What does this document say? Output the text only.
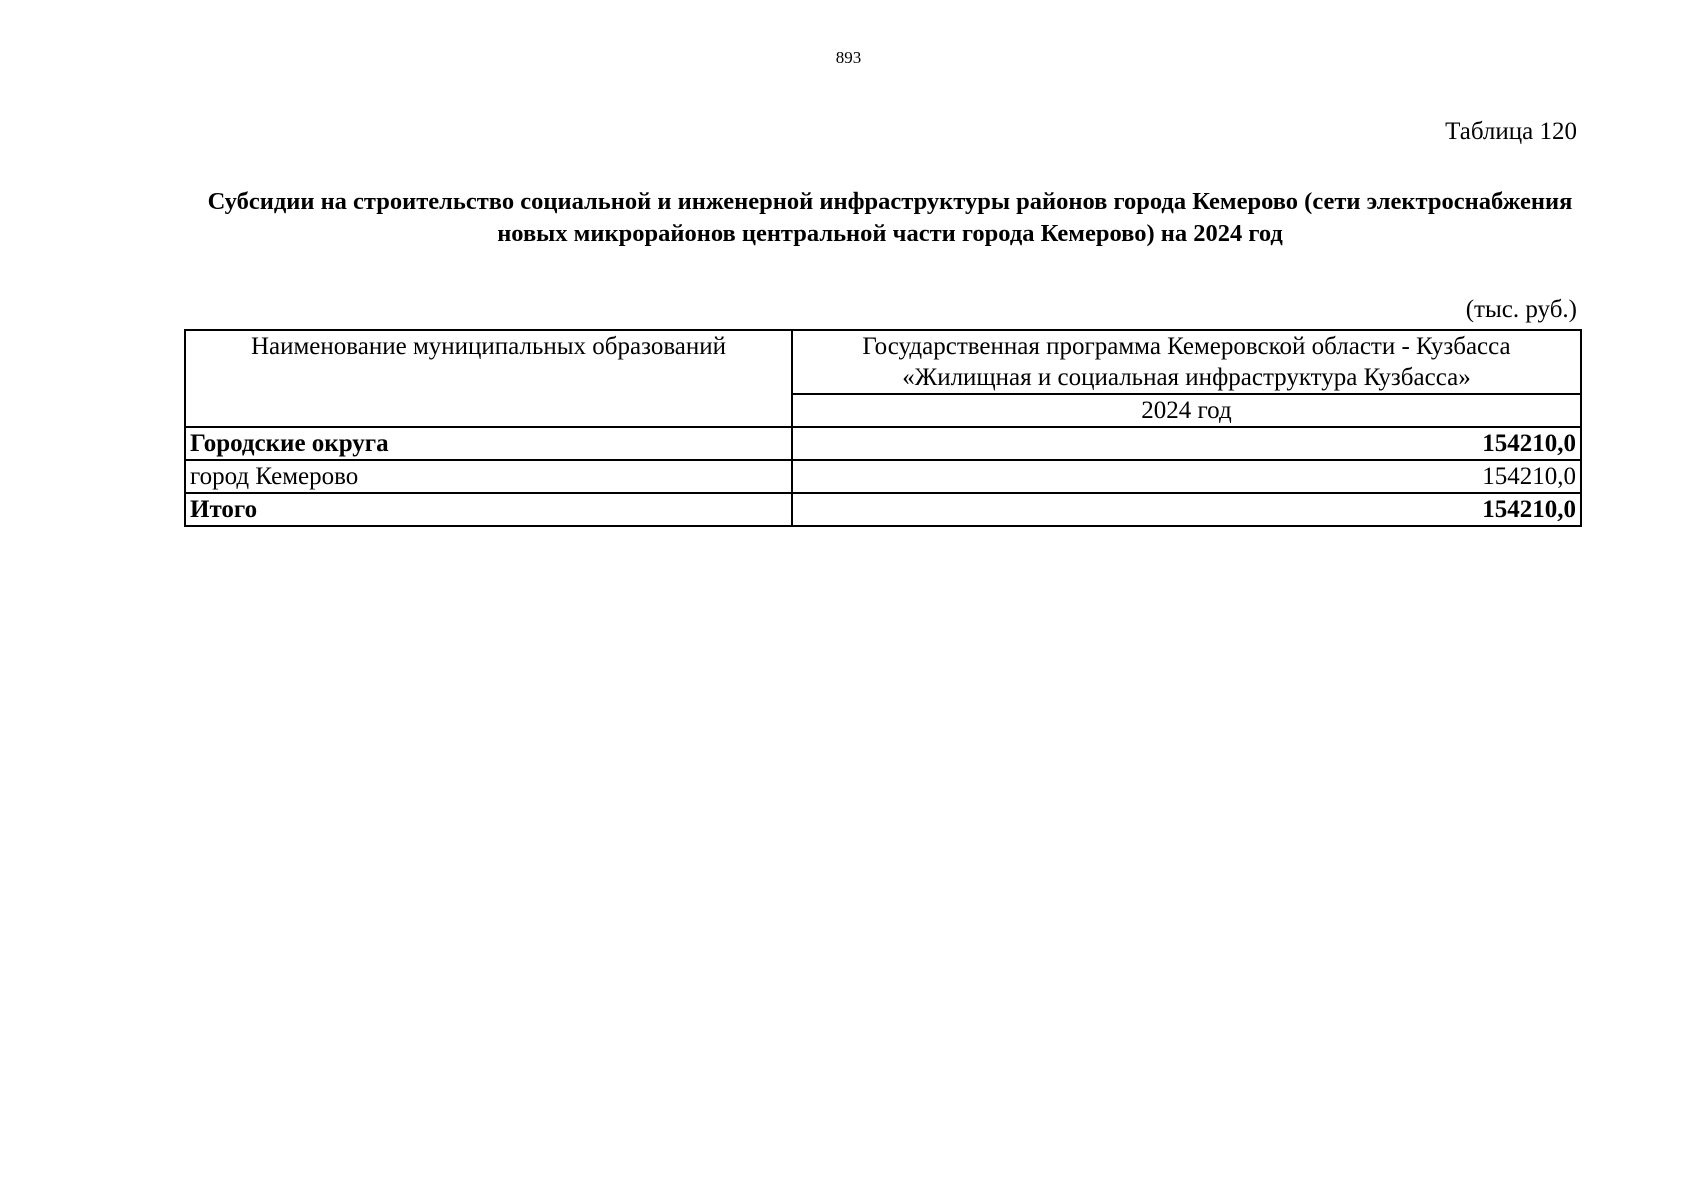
893
Таблица 120
Субсидии на строительство социальной и инженерной инфраструктуры районов города Кемерово (сети электроснабжения новых микрорайонов центральной части города Кемерово) на 2024 год
(тыс. руб.)
Наименование муниципальных образований	Государственная программа Кемеровской области - Кузбасса «Жилищная и социальная инфраструктура Кузбасса»
	2024 год
Городские округа	154210,0
город Кемерово	154210,0
Итого	154210,0
